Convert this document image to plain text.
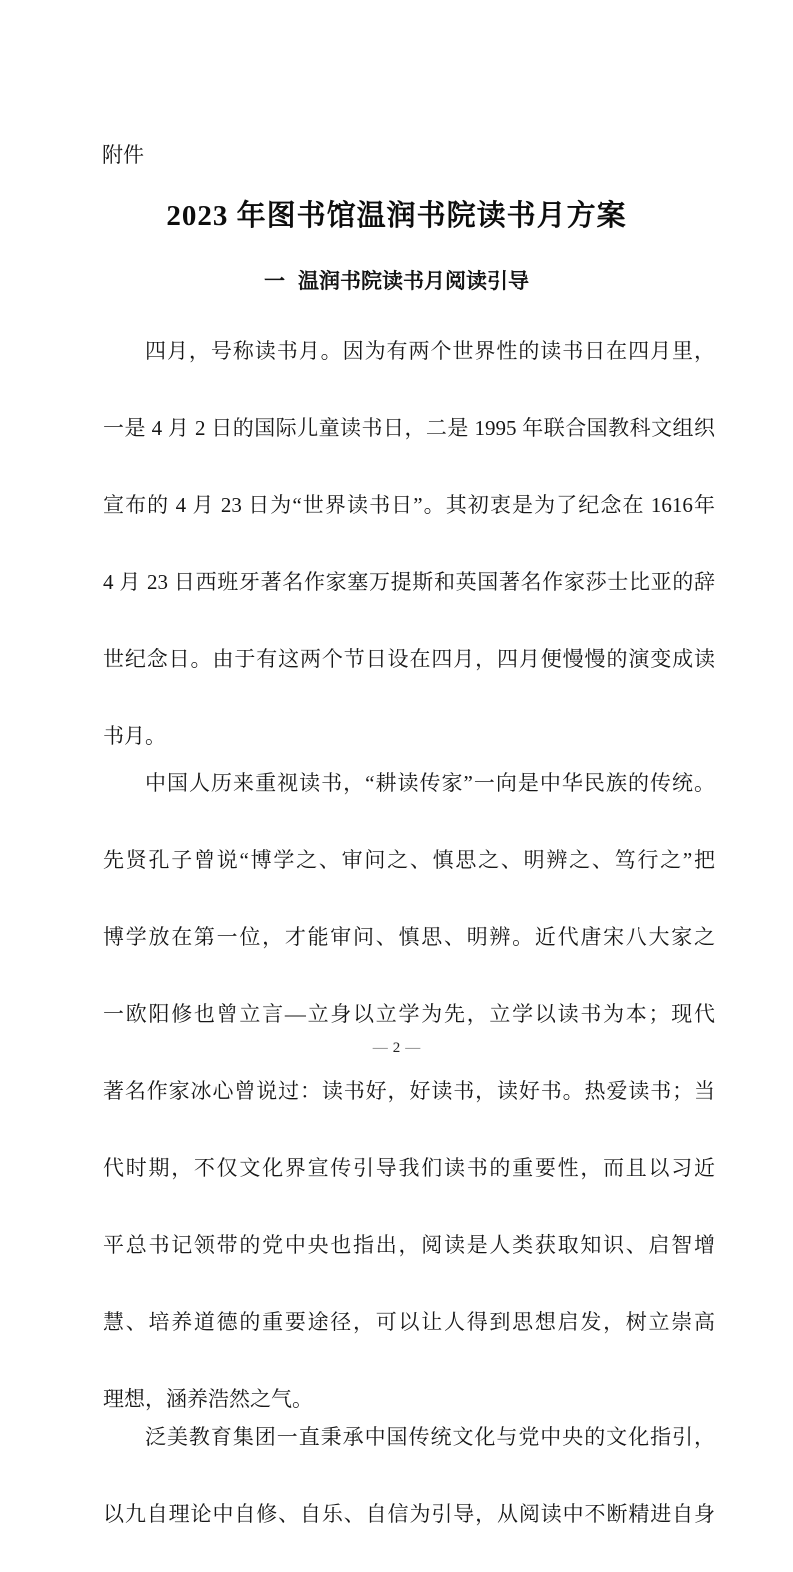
附件
2023 年图书馆温润书院读书月方案
一 温润书院读书月阅读引导
四月，号称读书月。因为有两个世界性的读书日在四月里，
一是 4 月 2 日的国际儿童读书日，二是 1995 年联合国教科文组织
宣布的 4 月 23 日为“世界读书日”。其初衷是为了纪念在 1616年
4 月 23 日西班牙著名作家塞万提斯和英国著名作家莎士比亚的辞
世纪念日。由于有这两个节日设在四月，四月便慢慢的演变成读
书月。
中国人历来重视读书，“耕读传家”一向是中华民族的传统。
先贤孔子曾说“博学之、审问之、慎思之、明辨之、笃行之”把
博学放在第一位，才能审问、慎思、明辨。近代唐宋八大家之
一欧阳修也曾立言—立身以立学为先，立学以读书为本；现代
著名作家冰心曾说过：读书好，好读书，读好书。热爱读书；当
代时期，不仅文化界宣传引导我们读书的重要性，而且以习近
平总书记领带的党中央也指出，阅读是人类获取知识、启智增
慧、培养道德的重要途径，可以让人得到思想启发，树立崇高
理想，涵养浩然之气。
泛美教育集团一直秉承中国传统文化与党中央的文化指引，
以九自理论中自修、自乐、自信为引导，从阅读中不断精进自身
— 2 —
